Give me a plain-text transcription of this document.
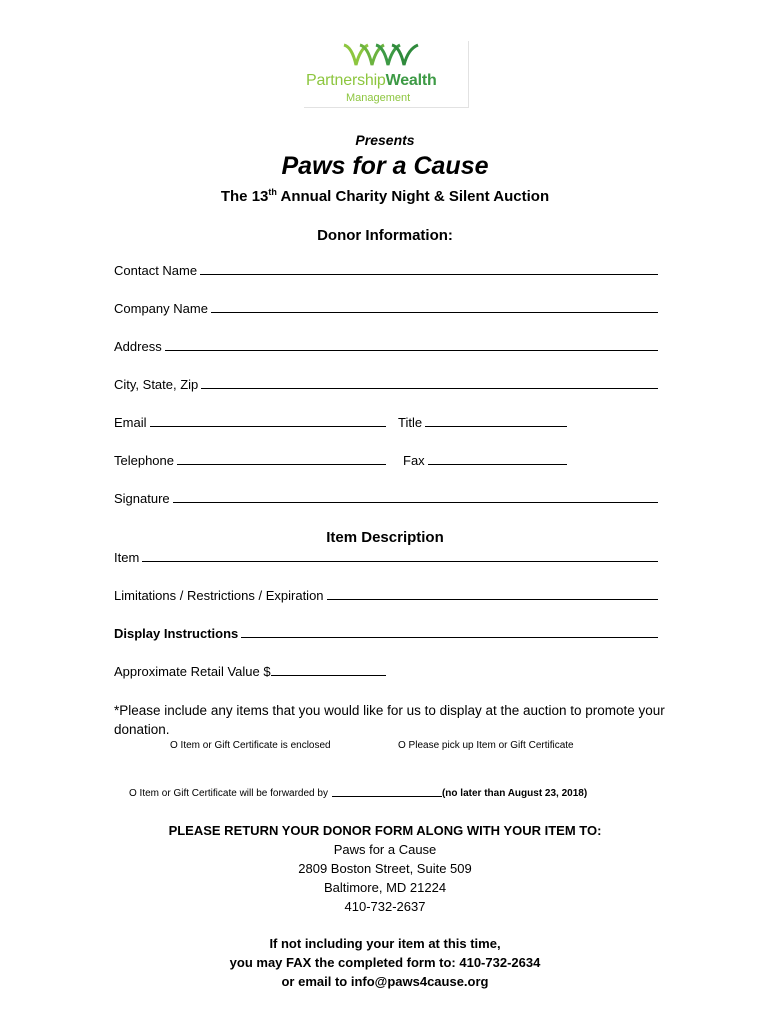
PartnershipWealth
Management
Presents
Paws for a Cause
The 13th Annual Charity Night & Silent Auction
Donor Information:
Contact Name
Company Name
Address
City, State, Zip
Email	Title
Telephone	Fax
Signature
Item Description
Item
Limitations / Restrictions / Expiration
Display Instructions
Approximate Retail Value $
*Please include any items that you would like for us to display at the auction to promote your donation.
O Item or Gift Certificate is enclosed	O Please pick up Item or Gift Certificate
O Item or Gift Certificate will be forwarded by	(no later than August 23, 2018)
PLEASE RETURN YOUR DONOR FORM ALONG WITH YOUR ITEM TO:
Paws for a Cause
2809 Boston Street, Suite 509
Baltimore, MD 21224
410-732-2637
If not including your item at this time,
you may FAX the completed form to: 410-732-2634
or email to info@paws4cause.org
